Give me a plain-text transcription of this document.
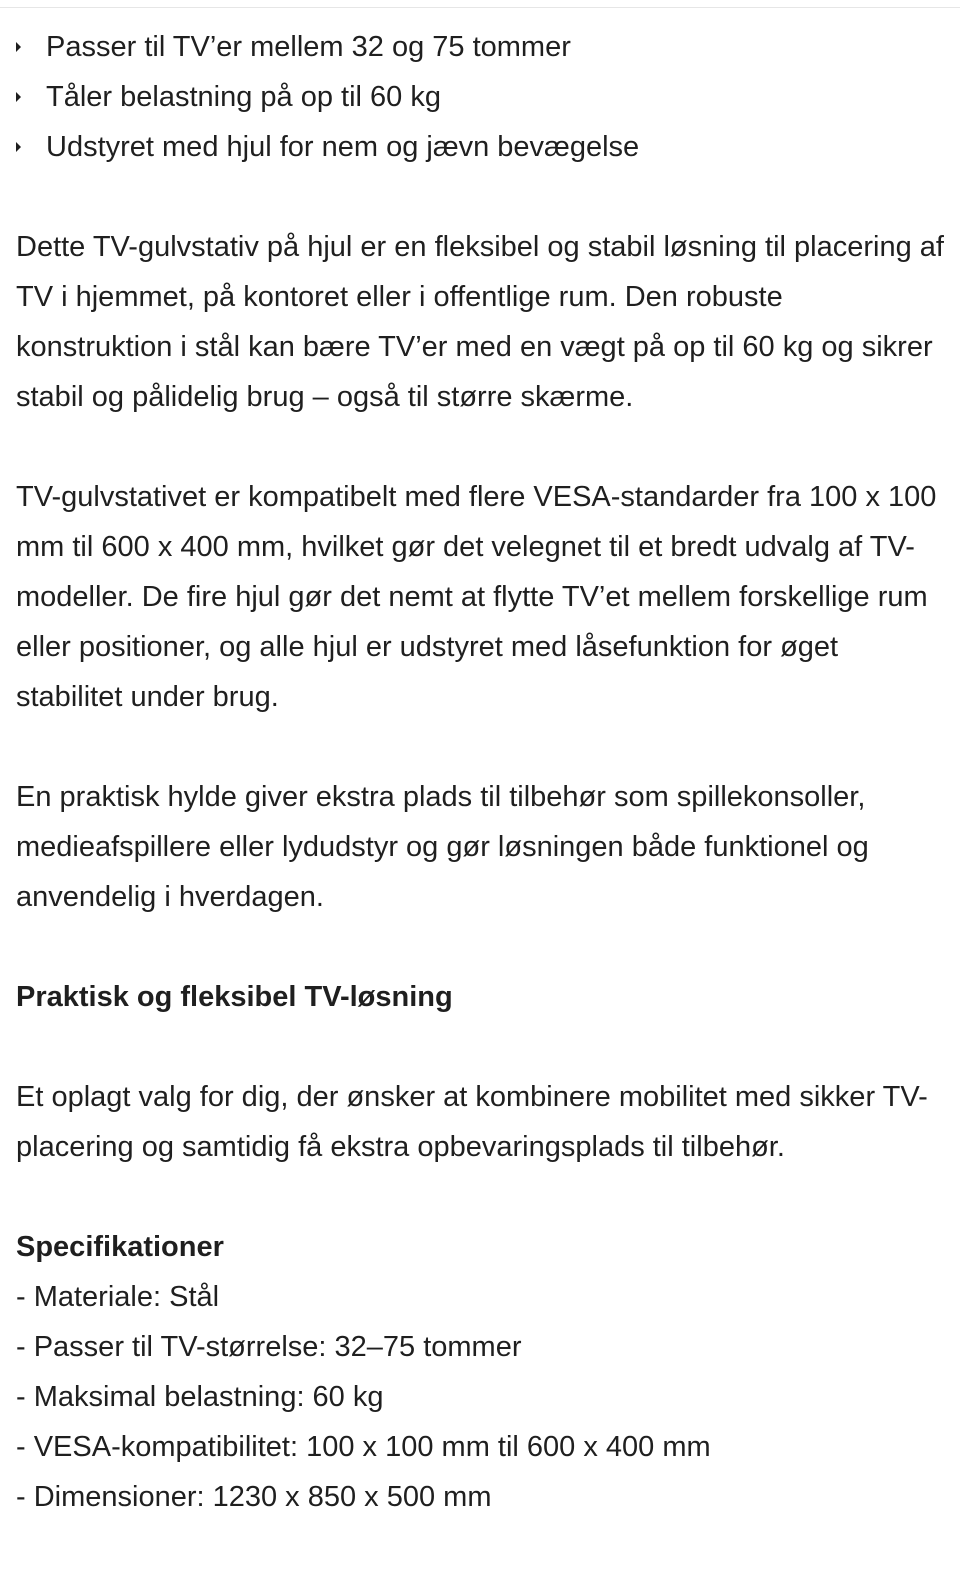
Passer til TV’er mellem 32 og 75 tommer
Tåler belastning på op til 60 kg
Udstyret med hjul for nem og jævn bevægelse

Dette TV-gulvstativ på hjul er en fleksibel og stabil løsning til placering af TV i hjemmet, på kontoret eller i offentlige rum. Den robuste konstruktion i stål kan bære TV’er med en vægt på op til 60 kg og sikrer stabil og pålidelig brug – også til større skærme.

TV-gulvstativet er kompatibelt med flere VESA-standarder fra 100 x 100 mm til 600 x 400 mm, hvilket gør det velegnet til et bredt udvalg af TV-modeller. De fire hjul gør det nemt at flytte TV’et mellem forskellige rum eller positioner, og alle hjul er udstyret med låsefunktion for øget stabilitet under brug.

En praktisk hylde giver ekstra plads til tilbehør som spillekonsoller, medieafspillere eller lydudstyr og gør løsningen både funktionel og anvendelig i hverdagen.

Praktisk og fleksibel TV-løsning

Et oplagt valg for dig, der ønsker at kombinere mobilitet med sikker TV-placering og samtidig få ekstra opbevaringsplads til tilbehør.

Specifikationer

- Materiale: Stål
- Passer til TV-størrelse: 32–75 tommer
- Maksimal belastning: 60 kg
- VESA-kompatibilitet: 100 x 100 mm til 600 x 400 mm
- Dimensioner: 1230 x 850 x 500 mm
